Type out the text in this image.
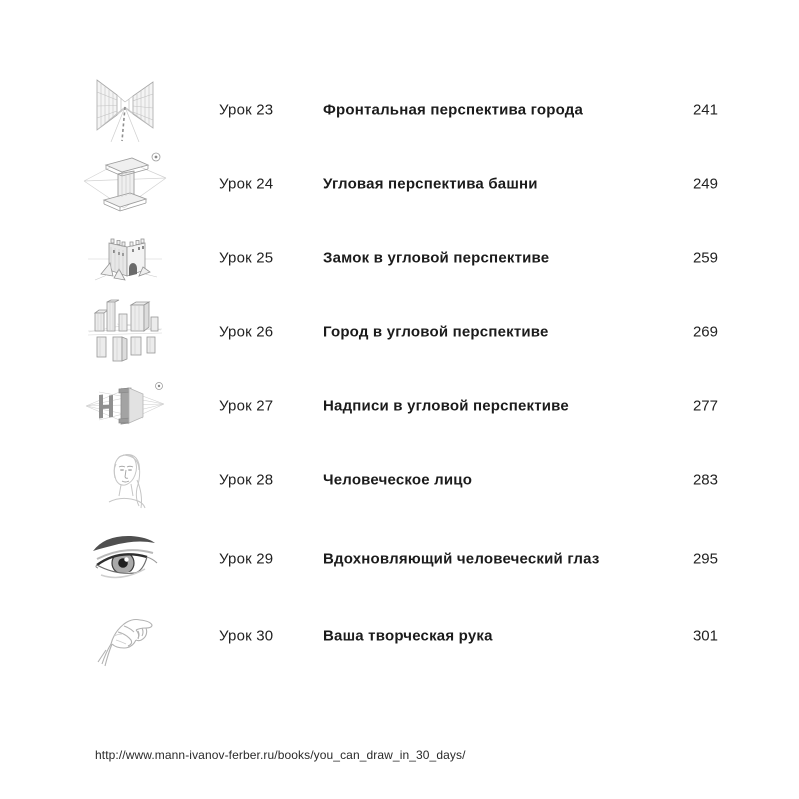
Урок 23	Фронтальная перспектива города	241
Урок 24	Угловая перспектива башни	249
Урок 25	Замок в угловой перспективе	259
Урок 26	Город в угловой перспективе	269
Урок 27	Надписи в угловой перспективе	277
Урок 28	Человеческое лицо	283
Урок 29	Вдохновляющий человеческий глаз	295
Урок 30	Ваша творческая рука	301
http://www.mann-ivanov-ferber.ru/books/you_can_draw_in_30_days/
